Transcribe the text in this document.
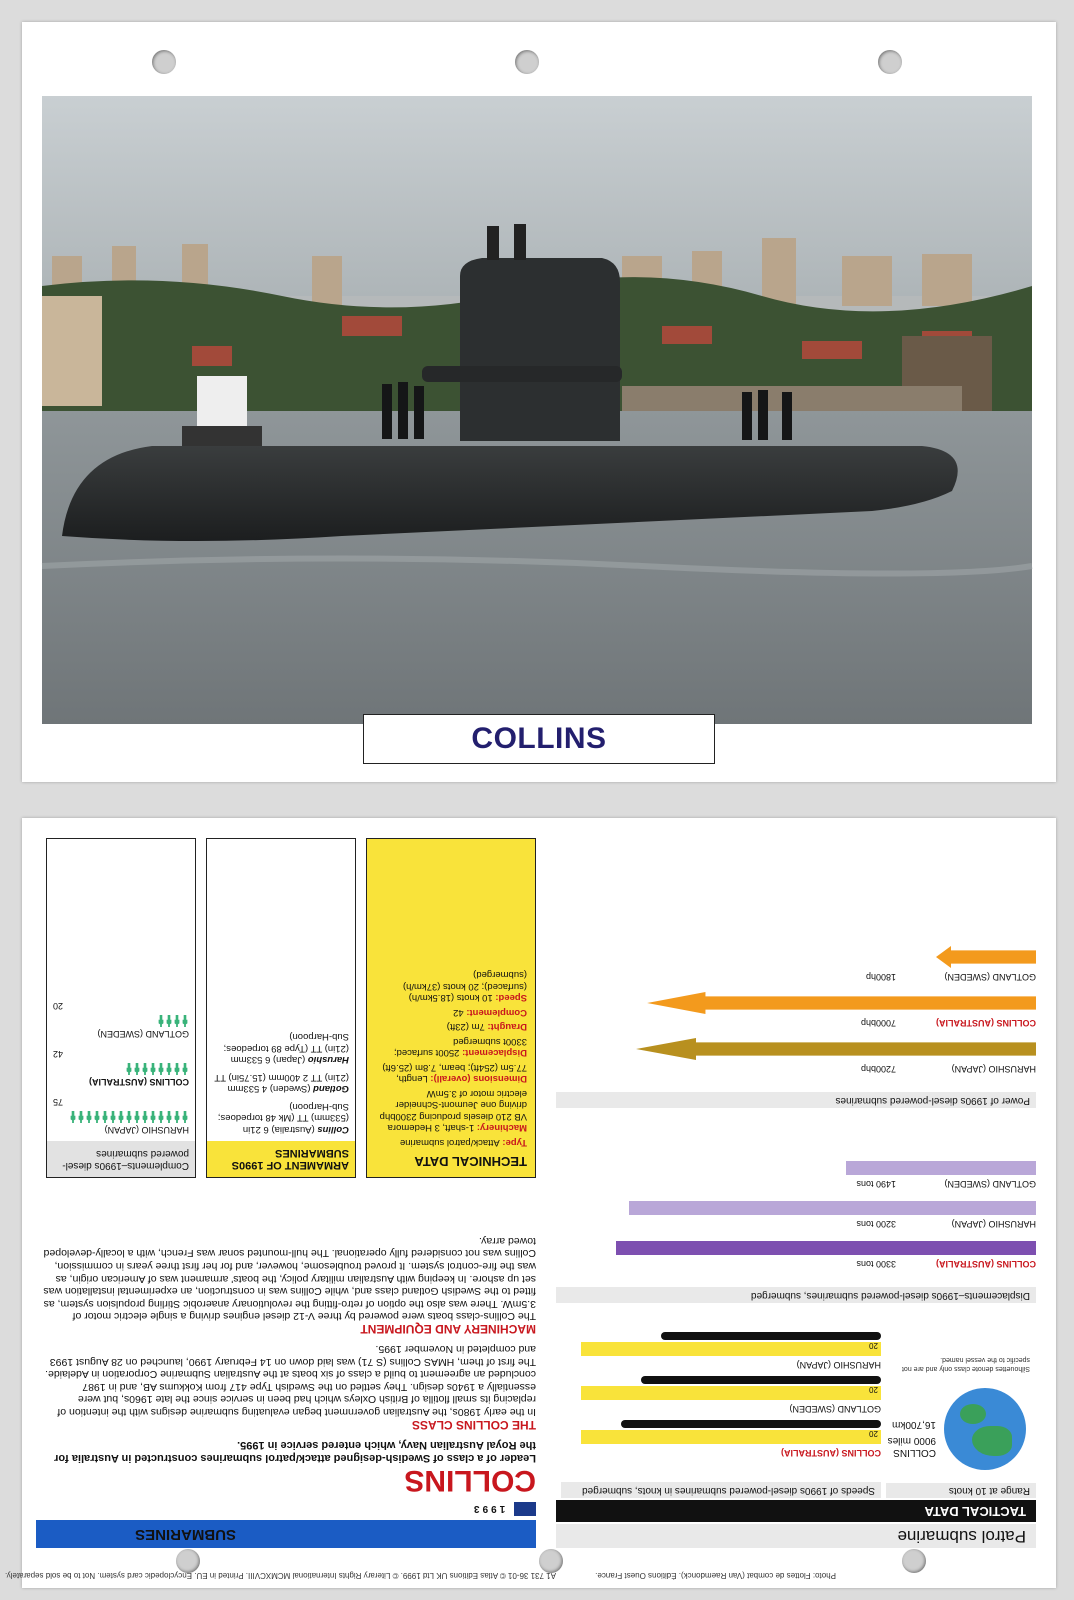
COLLINS
Photo: Flottes de combat (Van Raemdonck). Éditions Ouest France.
A1 731 36-01 © Atlas Editions UK Ltd 1999. © Literary Rights International MCMXCVIII. Printed in EU. Encyclopedic card system. Not to be sold separately.
Patrol submarine
TACTICAL DATA
Range at 10 knots
COLLINS
9000 miles
16,700km
Silhouettes denote class only and are not specific to the vessel named.
Speeds of 1990s diesel-powered submarines in knots, submerged
COLLINS (AUSTRALIA)
20
GOTLAND (SWEDEN)
20
HARUSHIO (JAPAN)
20
Displacements–1990s diesel-powered submarines, submerged
COLLINS (AUSTRALIA)
3300 tons
HARUSHIO (JAPAN)
3200 tons
GOTLAND (SWEDEN)
1490 tons
Power of 1990s diesel-powered submarines
HARUSHIO (JAPAN)
7200bhp
COLLINS (AUSTRALIA)
7000bhp
GOTLAND (SWEDEN)
1800hp
SUBMARINES
1993
COLLINS
Leader of a class of Swedish-designed attack/patrol submarines constructed in Australia for the Royal Australian Navy, which entered service in 1995.
THE COLLINS CLASS
In the early 1980s, the Australian government began evaluating submarine designs with the intention of replacing its small flotilla of British Oxleys which had been in service since the late 1960s, but were essentially a 1940s design. They settled on the Swedish Type 417 from Kokkums AB, and in 1987 concluded an agreement to build a class of six boats at the Australian Submarine Corporation in Adelaide. The first of them, HMAS Collins (S 71) was laid down on 14 February 1990, launched on 28 August 1993 and completed in November 1995.
MACHINERY AND EQUIPMENT
The Collins-class boats were powered by three V-12 diesel engines driving a single electric motor of 3.5mW. There was also the option of retro-fitting the revolutionary anaerobic Stirling propulsion system, as fitted to the Swedish Gotland class and, while Collins was in construction, an experimental installation was set up ashore. In keeping with Australian military policy, the boats' armament was of American origin, as was the fire-control system. It proved troublesome, however, and for her first three years in commission, Collins was not considered fully operational. The hull-mounted sonar was French, with a locally-developed towed array.
TECHNICAL DATA
Type: Attack/patrol submarine
Machinery: 1-shaft, 3 Hedemora VB 210 diesels producing 2300bhp driving one Jeumont-Schneider electric motor of 3.5mW
Dimensions (overall): Length, 77.5m (254ft); beam, 7.8m (25.6ft)
Displacement: 2500t surfaced; 3300t submerged
Draught: 7m (23ft)
Complement: 42
Speed: 10 knots (18.5km/h) (surfaced); 20 knots (37km/h) (submerged)
ARMAMENT OF 1990S SUBMARINES
Collins (Australia) 6 21in (533mm) TT (Mk 48 torpedoes; Sub-Harpoon)
Gotland (Sweden) 4 533mm (21in) TT 2 400mm (15.75in) TT
Harushio (Japan) 6 533mm (21in) TT (Type 89 torpedoes; Sub-Harpoon)
Complements–1990s diesel-powered submarines
HARUSHIO (JAPAN)
75
COLLINS (AUSTRALIA)
42
GOTLAND (SWEDEN)
20
